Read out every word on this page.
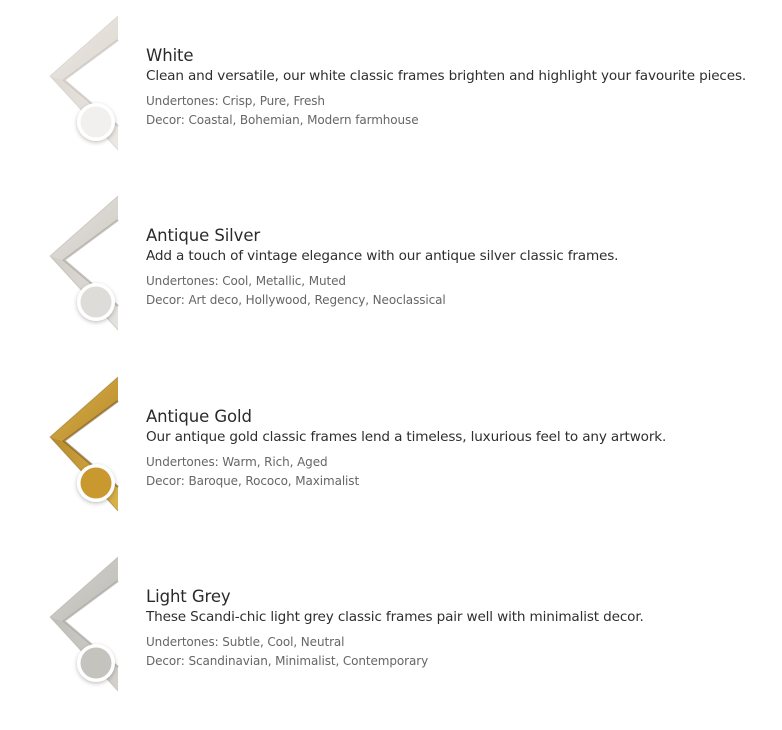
White
Clean and versatile, our white classic frames brighten and highlight your favourite pieces.
Undertones: Crisp, Pure, Fresh
Decor: Coastal, Bohemian, Modern farmhouse
Antique Silver
Add a touch of vintage elegance with our antique silver classic frames.
Undertones: Cool, Metallic, Muted
Decor: Art deco, Hollywood, Regency, Neoclassical
Antique Gold
Our antique gold classic frames lend a timeless, luxurious feel to any artwork.
Undertones: Warm, Rich, Aged
Decor: Baroque, Rococo, Maximalist
Light Grey
These Scandi-chic light grey classic frames pair well with minimalist decor.
Undertones: Subtle, Cool, Neutral
Decor: Scandinavian, Minimalist, Contemporary
